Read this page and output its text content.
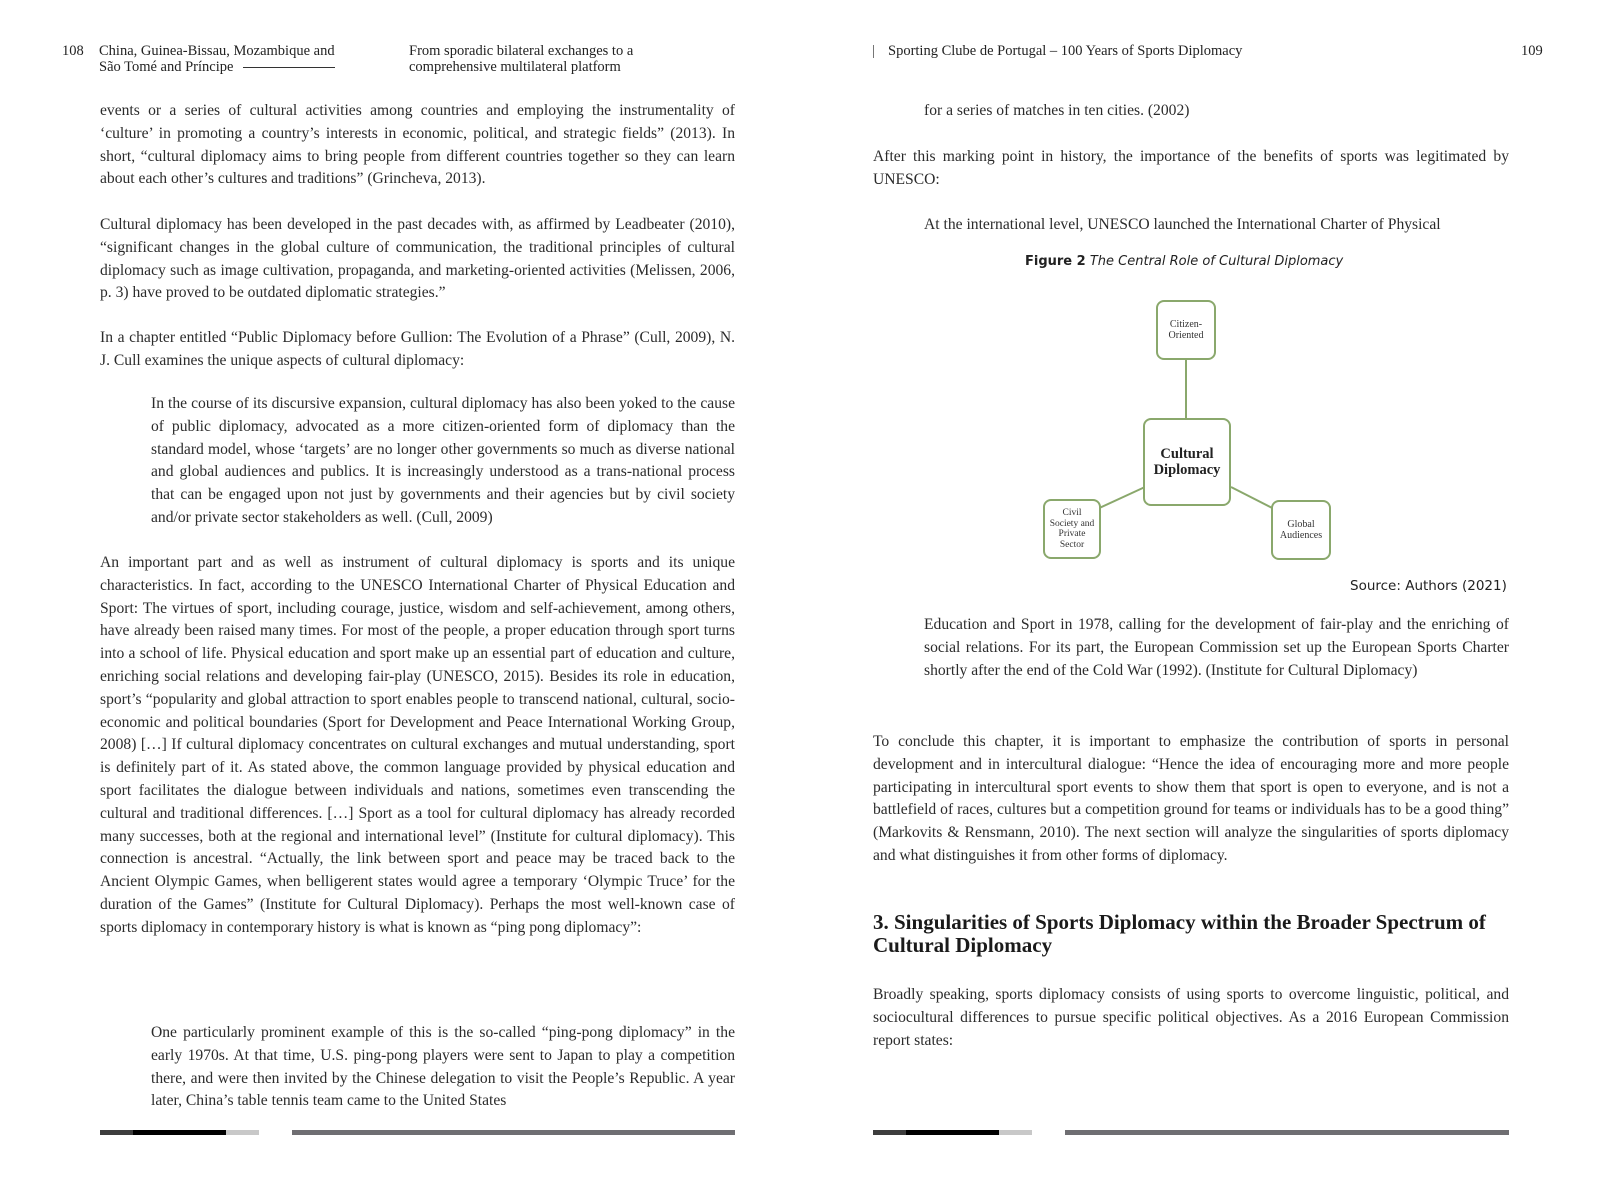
108 China, Guinea-Bissau, Mozambique and
São Tomé and Príncipe
From sporadic bilateral exchanges to a
comprehensive multilateral platform

events or a series of cultural activities among countries and employing the instrumentality of ‘culture’ in promoting a country’s interests in economic, political, and strategic fields” (2013). In short, “cultural diplomacy aims to bring people from different countries together so they can learn about each other’s cultures and traditions” (Grincheva, 2013).

Cultural diplomacy has been developed in the past decades with, as affirmed by Leadbeater (2010), “significant changes in the global culture of communication, the traditional principles of cultural diplomacy such as image cultivation, propaganda, and marketing-oriented activities (Melissen, 2006, p. 3) have proved to be outdated diplomatic strategies.”

In a chapter entitled “Public Diplomacy before Gullion: The Evolution of a Phrase” (Cull, 2009), N. J. Cull examines the unique aspects of cultural diplomacy:

In the course of its discursive expansion, cultural diplomacy has also been yoked to the cause of public diplomacy, advocated as a more citizen-oriented form of diplomacy than the standard model, whose ‘targets’ are no longer other governments so much as diverse national and global audiences and publics. It is increasingly understood as a trans-national process that can be engaged upon not just by governments and their agencies but by civil society and/or private sector stakeholders as well. (Cull, 2009)

An important part and as well as instrument of cultural diplomacy is sports and its unique characteristics. In fact, according to the UNESCO International Charter of Physical Education and Sport: The virtues of sport, including courage, justice, wisdom and self-achievement, among others, have already been raised many times. For most of the people, a proper education through sport turns into a school of life. Physical education and sport make up an essential part of education and culture, enriching social relations and developing fair-play (UNESCO, 2015). Besides its role in education, sport’s “popularity and global attraction to sport enables people to transcend national, cultural, socio-economic and political boundaries (Sport for Development and Peace International Working Group, 2008) […] If cultural diplomacy concentrates on cultural exchanges and mutual understanding, sport is definitely part of it. As stated above, the common language provided by physical education and sport facilitates the dialogue between individuals and nations, sometimes even transcending the cultural and traditional differences. […] Sport as a tool for cultural diplomacy has already recorded many successes, both at the regional and international level” (Institute for cultural diplomacy). This connection is ancestral. “Actually, the link between sport and peace may be traced back to the Ancient Olympic Games, when belligerent states would agree a temporary ‘Olympic Truce’ for the duration of the Games” (Institute for Cultural Diplomacy). Perhaps the most well-known case of sports diplomacy in contemporary history is what is known as “ping pong diplomacy”:

One particularly prominent example of this is the so-called “ping-pong diplomacy” in the early 1970s. At that time, U.S. ping-pong players were sent to Japan to play a competition there, and were then invited by the Chinese delegation to visit the People’s Republic. A year later, China’s table tennis team came to the United States

| Sporting Clube de Portugal – 100 Years of Sports Diplomacy	109

for a series of matches in ten cities. (2002)

After this marking point in history, the importance of the benefits of sports was legitimated by UNESCO:

At the international level, UNESCO launched the International Charter of Physical

Figure 2 The Central Role of Cultural Diplomacy
Citizen-Oriented
Cultural Diplomacy
Civil Society and Private Sector
Global Audiences
Source: Authors (2021)

Education and Sport in 1978, calling for the development of fair-play and the enriching of social relations. For its part, the European Commission set up the European Sports Charter shortly after the end of the Cold War (1992). (Institute for Cultural Diplomacy)

To conclude this chapter, it is important to emphasize the contribution of sports in personal development and in intercultural dialogue: “Hence the idea of encouraging more and more people participating in intercultural sport events to show them that sport is open to everyone, and is not a battlefield of races, cultures but a competition ground for teams or individuals has to be a good thing” (Markovits & Rensmann, 2010). The next section will analyze the singularities of sports diplomacy and what distinguishes it from other forms of diplomacy.

3. Singularities of Sports Diplomacy within the Broader Spectrum of Cultural Diplomacy

Broadly speaking, sports diplomacy consists of using sports to overcome linguistic, political, and sociocultural differences to pursue specific political objectives. As a 2016 European Commission report states:
